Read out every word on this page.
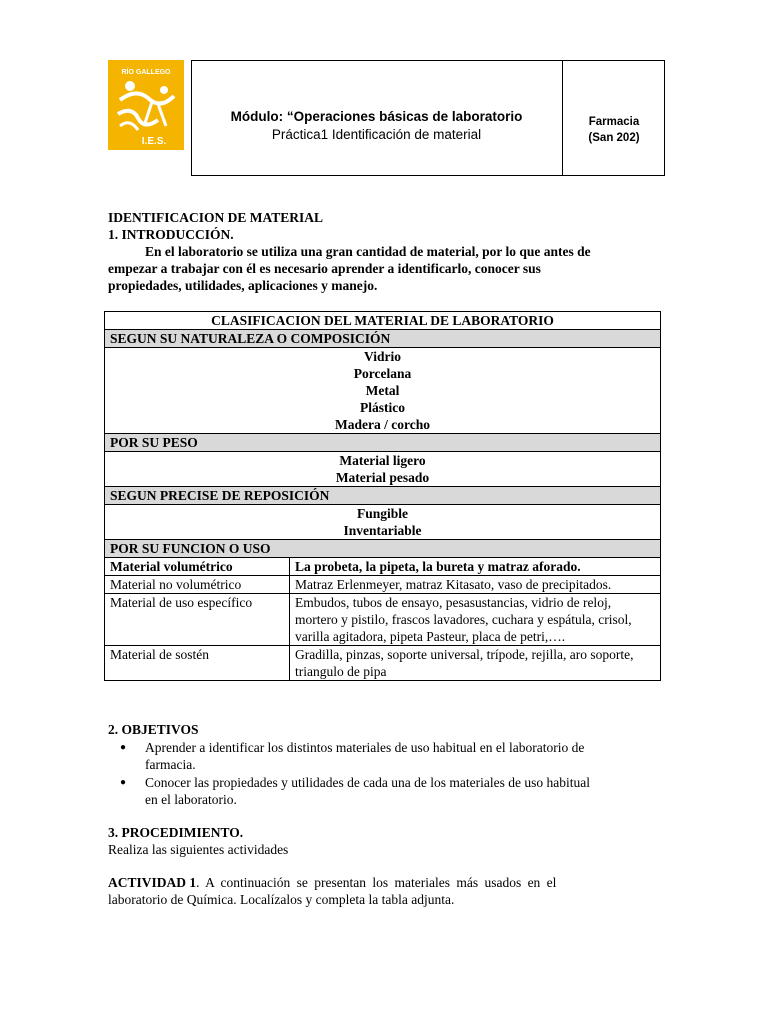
RÍO GALLEGO
I.E.S.
Módulo: “Operaciones básicas de laboratorio
Práctica1 Identificación de material
Farmacia
(San 202)
IDENTIFICACION DE MATERIAL
1. INTRODUCCIÓN.
En el laboratorio se utiliza una gran cantidad de material, por lo que antes de
empezar a trabajar con él es necesario aprender a identificarlo, conocer sus
propiedades, utilidades, aplicaciones y manejo.
CLASIFICACION DEL MATERIAL DE LABORATORIO	
SEGUN SU NATURALEZA O COMPOSICIÓN	

Vidrio
Porcelana
Metal
Plástico
Madera / corcho	

POR SU PESO	

Material ligero
Material pesado	

SEGUN PRECISE DE REPOSICIÓN	

Fungible
Inventariable	

POR SU FUNCION O USO	
Material volumétrico	La probeta, la pipeta, la bureta y matraz aforado.
Material no volumétrico	Matraz Erlenmeyer, matraz Kitasato, vaso de precipitados.
Material de uso específico	Embudos, tubos de ensayo, pesasustancias, vidrio de reloj, mortero y pistilo, frascos lavadores, cuchara y espátula, crisol, varilla agitadora, pipeta Pasteur, placa de petri,….
Material de sostén	Gradilla, pinzas, soporte universal, trípode, rejilla, aro soporte, triangulo de pipa
2. OBJETIVOS
● Aprender a identificar los distintos materiales de uso habitual en el laboratorio de
farmacia.
● Conocer las propiedades y utilidades de cada una de los materiales de uso habitual
en el laboratorio.
3. PROCEDIMIENTO.
Realiza las siguientes actividades
ACTIVIDAD 1. A continuación se presentan los materiales más usados en el
laboratorio de Química. Localízalos y completa la tabla adjunta.
